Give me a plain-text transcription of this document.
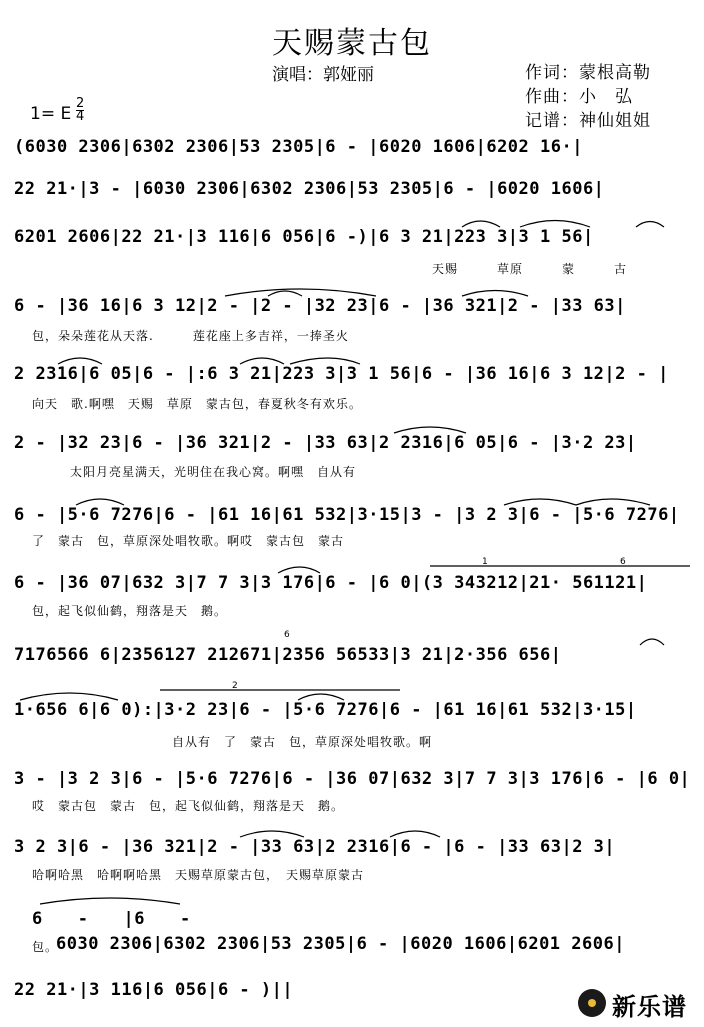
天赐蒙古包
演唱：郭娅丽	作词：蒙根高勒
作曲：小　弘
记谱：神仙姐姐
1= E $\frac{2}{4}$
(6030 2306|6302 2306|53 2305|6 - |6020 1606|6202 16·|
22 21·|3 - |6030 2306|6302 2306|53 2305|6 - |6020 1606|
6201 2606|22 21·|3 116|6 056|6 -)|6 3 21|223 3|3 1 56|
天赐　　　草原　　　蒙　　　古
6 - |36 16|6 3 12|2 - |2 - |32 23|6 - |36 321|2 - |33 63|
包，朵朵莲花从天落.　　　莲花座上多吉祥，一捧圣火
2 2316|6 05|6 - |:6 3 21|223 3|3 1 56|6 - |36 16|6 3 12|2 - |
向天　歌.啊嘿　天赐　草原　蒙古包，春夏秋冬有欢乐。
2 - |32 23|6 - |36 321|2 - |33 63|2 2316|6 05|6 - |3·2 23|
太阳月亮星满天，光明住在我心窝。啊嘿　自从有
6 - |5·6 7276|6 - |61 16|61 532|3·15|3 - |3 2 3|6 - |5·6 7276|
了　蒙古　包，草原深处唱牧歌。啊哎　蒙古包　蒙古
6 - |36 07|632 3|7 7 3|3 176|6 - |6 0|(3 343212|21· 561121|
包，起飞似仙鹤，翔落是天　鹅。
7176566 6|2356127 212671|2356 56533|3 21|2·356 656|
1·656 6|6 0):|3·2 23|6 - |5·6 7276|6 - |61 16|61 532|3·15|
自从有　了　蒙古　包，草原深处唱牧歌。啊
3 - |3 2 3|6 - |5·6 7276|6 - |36 07|632 3|7 7 3|3 176|6 - |6 0|
哎　蒙古包　蒙古　包，起飞似仙鹤，翔落是天　鹅。
3 2 3|6 - |36 321|2 - |33 63|2 2316|6 - |6 - |33 63|2 3|
哈啊哈黑　哈啊啊哈黑　天赐草原蒙古包，　天赐草原蒙古
6　　-　　|6　　-
包。
6030 2306|6302 2306|53 2305|6 - |6020 1606|6201 2606|
22 21·|3 116|6 056|6 - )||
1
2
6
6
新乐谱
